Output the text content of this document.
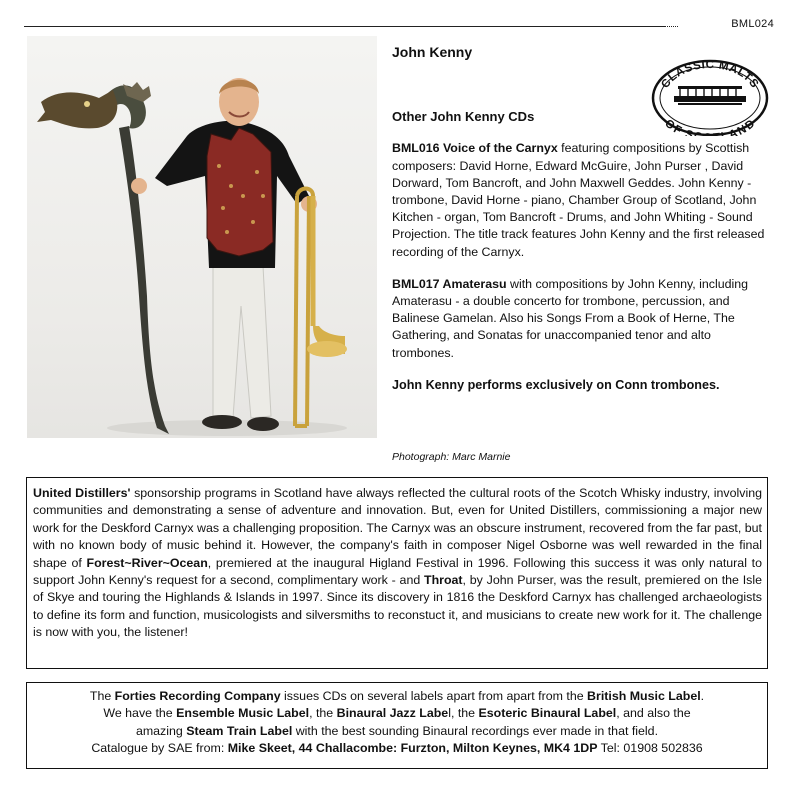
BML024
Photograph: Marc Marnie
CLASSIC MALTS
OF S AND
John Kenny
Other John Kenny CDs
BML016 Voice of the Carnyx featuring compositions by Scottish composers: David Horne, Edward McGuire, John Purser , David Dorward, Tom Bancroft, and John Maxwell Geddes. John Kenny - trombone, David Horne - piano, Chamber Group of Scotland, John Kitchen - organ, Tom Bancroft - Drums, and John Whiting - Sound Projection. The title track features John Kenny and the first released recording of the Carnyx.
BML017 Amaterasu with compositions by John Kenny, including Amaterasu - a double concerto for trombone, percussion, and Balinese Gamelan. Also his Songs From a Book of Herne, The Gathering, and Sonatas for unaccompanied tenor and alto trombones.
John Kenny performs exclusively on Conn trombones.
United Distillers' sponsorship programs in Scotland have always reflected the cultural roots of the Scotch Whisky industry, involving communities and demonstrating a sense of adventure and innovation. But, even for United Distillers, commissioning a major new work for the Deskford Carnyx was a challenging proposition. The Carnyx was an obscure instrument, recovered from the far past, but with no known body of music behind it. However, the company's faith in composer Nigel Osborne was well rewarded in the final shape of Forest~River~Ocean, premiered at the inaugural Higland Festival in 1996. Following this success it was only natural to support John Kenny's request for a second, complimentary work - and Throat, by John Purser, was the result, premiered on the Isle of Skye and touring the Highlands & Islands in 1997. Since its discovery in 1816 the Deskford Carnyx has challenged archaeologists to define its form and function, musicologists and silversmiths to reconstuct it, and musicians to create new work for it. The challenge is now with you, the listener!
The Forties Recording Company issues CDs on several labels apart from apart from the British Music Label.
We have the Ensemble Music Label, the Binaural Jazz Label, the Esoteric Binaural Label, and also the
amazing Steam Train Label with the best sounding Binaural recordings ever made in that field.
Catalogue by SAE from: Mike Skeet, 44 Challacombe: Furzton, Milton Keynes, MK4 1DP Tel: 01908 502836
